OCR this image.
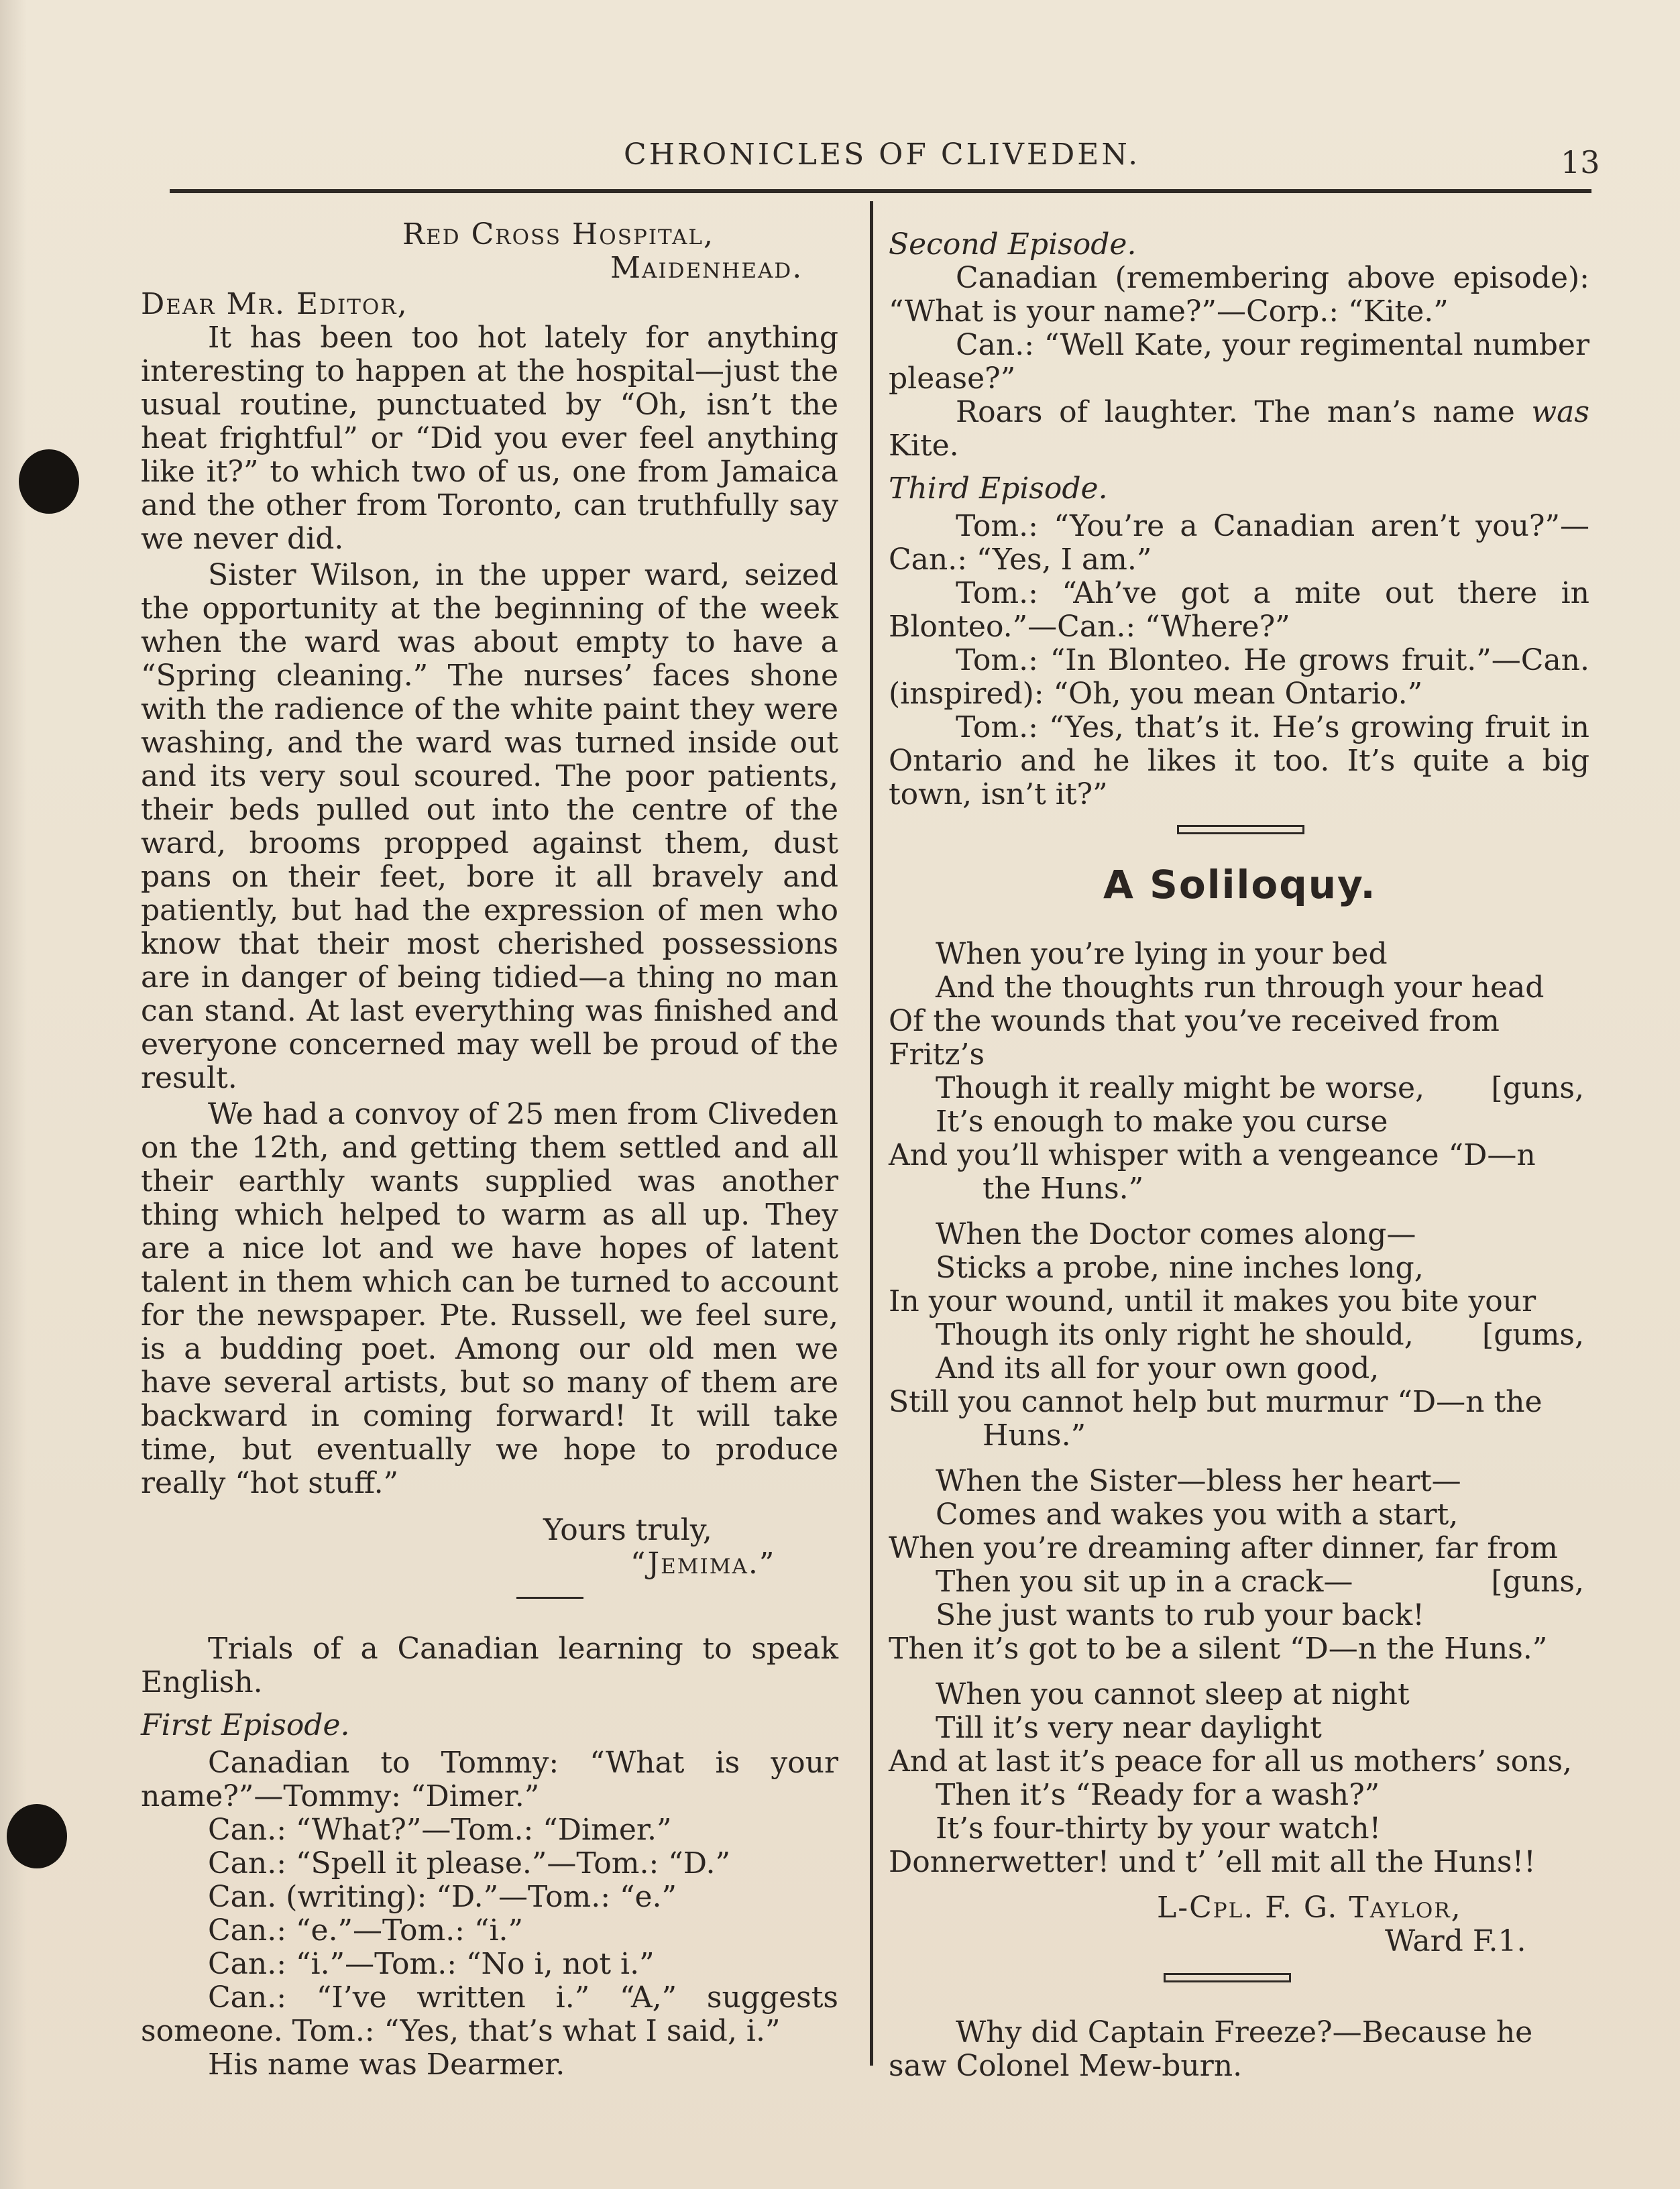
CHRONICLES OF CLIVEDEN.	13

Red Cross Hospital,

Maidenhead.

Dear Mr. Editor,

It has been too hot lately for anything interesting to happen at the hospital—just the usual routine, punctuated by “Oh, isn’t the heat frightful” or “Did you ever feel anything like it?” to which two of us, one from Jamaica and the other from Toronto, can truthfully say we never did.

Sister Wilson, in the upper ward, seized the opportunity at the beginning of the week when the ward was about empty to have a “Spring cleaning.” The nurses’ faces shone with the radience of the white paint they were washing, and the ward was turned inside out and its very soul scoured. The poor patients, their beds pulled out into the centre of the ward, brooms propped against them, dust pans on their feet, bore it all bravely and patiently, but had the expression of men who know that their most cherished possessions are in danger of being tidied—a thing no man can stand. At last everything was finished and everyone concerned may well be proud of the result.

We had a convoy of 25 men from Cliveden on the 12th, and getting them settled and all their earthly wants supplied was another thing which helped to warm as all up. They are a nice lot and we have hopes of latent talent in them which can be turned to account for the newspaper. Pte. Russell, we feel sure, is a budding poet. Among our old men we have several artists, but so many of them are backward in coming forward! It will take time, but eventually we hope to produce really “hot stuff.”

Yours truly,

“Jemima.”

Trials of a Canadian learning to speak English.

First Episode.

Canadian to Tommy: “What is your name?”—Tommy: “Dimer.”

Can.: “What?”—Tom.: “Dimer.”

Can.: “Spell it please.”—Tom.: “D.”

Can. (writing): “D.”—Tom.: “e.”

Can.: “e.”—Tom.: “i.”

Can.: “i.”—Tom.: “No i, not i.”

Can.: “I’ve written i.” “A,” suggests someone. Tom.: “Yes, that’s what I said, i.”

His name was Dearmer.

Second Episode.

Canadian (remembering above episode): “What is your name?”—Corp.: “Kite.”

Can.: “Well Kate, your regimental number please?”

Roars of laughter. The man’s name was Kite.

Third Episode.

Tom.: “You’re a Canadian aren’t you?”—Can.: “Yes, I am.”

Tom.: “Ah’ve got a mite out there in Blonteo.”—Can.: “Where?”

Tom.: “In Blonteo. He grows fruit.”—Can. (inspired): “Oh, you mean Ontario.”

Tom.: “Yes, that’s it. He’s growing fruit in Ontario and he likes it too. It’s quite a big town, isn’t it?”

A Soliloquy.

When you’re lying in your bed

And the thoughts run through your head

Of the wounds that you’ve received from Fritz’s

Though it really might be worse, [guns,

It’s enough to make you curse

And you’ll whisper with a vengeance “D—n

the Huns.”

When the Doctor comes along—

Sticks a probe, nine inches long,

In your wound, until it makes you bite your

Though its only right he should, [gums,

And its all for your own good,

Still you cannot help but murmur “D—n the

Huns.”

When the Sister—bless her heart—

Comes and wakes you with a start,

When you’re dreaming after dinner, far from

Then you sit up in a crack—	[guns,

She just wants to rub your back!

Then it’s got to be a silent “D—n the Huns.”

When you cannot sleep at night

Till it’s very near daylight

And at last it’s peace for all us mothers’ sons,

Then it’s “Ready for a wash?”

It’s four-thirty by your watch!

Donnerwetter! und t’ ’ell mit all the Huns!!

L-Cpl. F. G. Taylor,

Ward F.1.

Why did Captain Freeze?—Because he saw Colonel Mew-burn.
